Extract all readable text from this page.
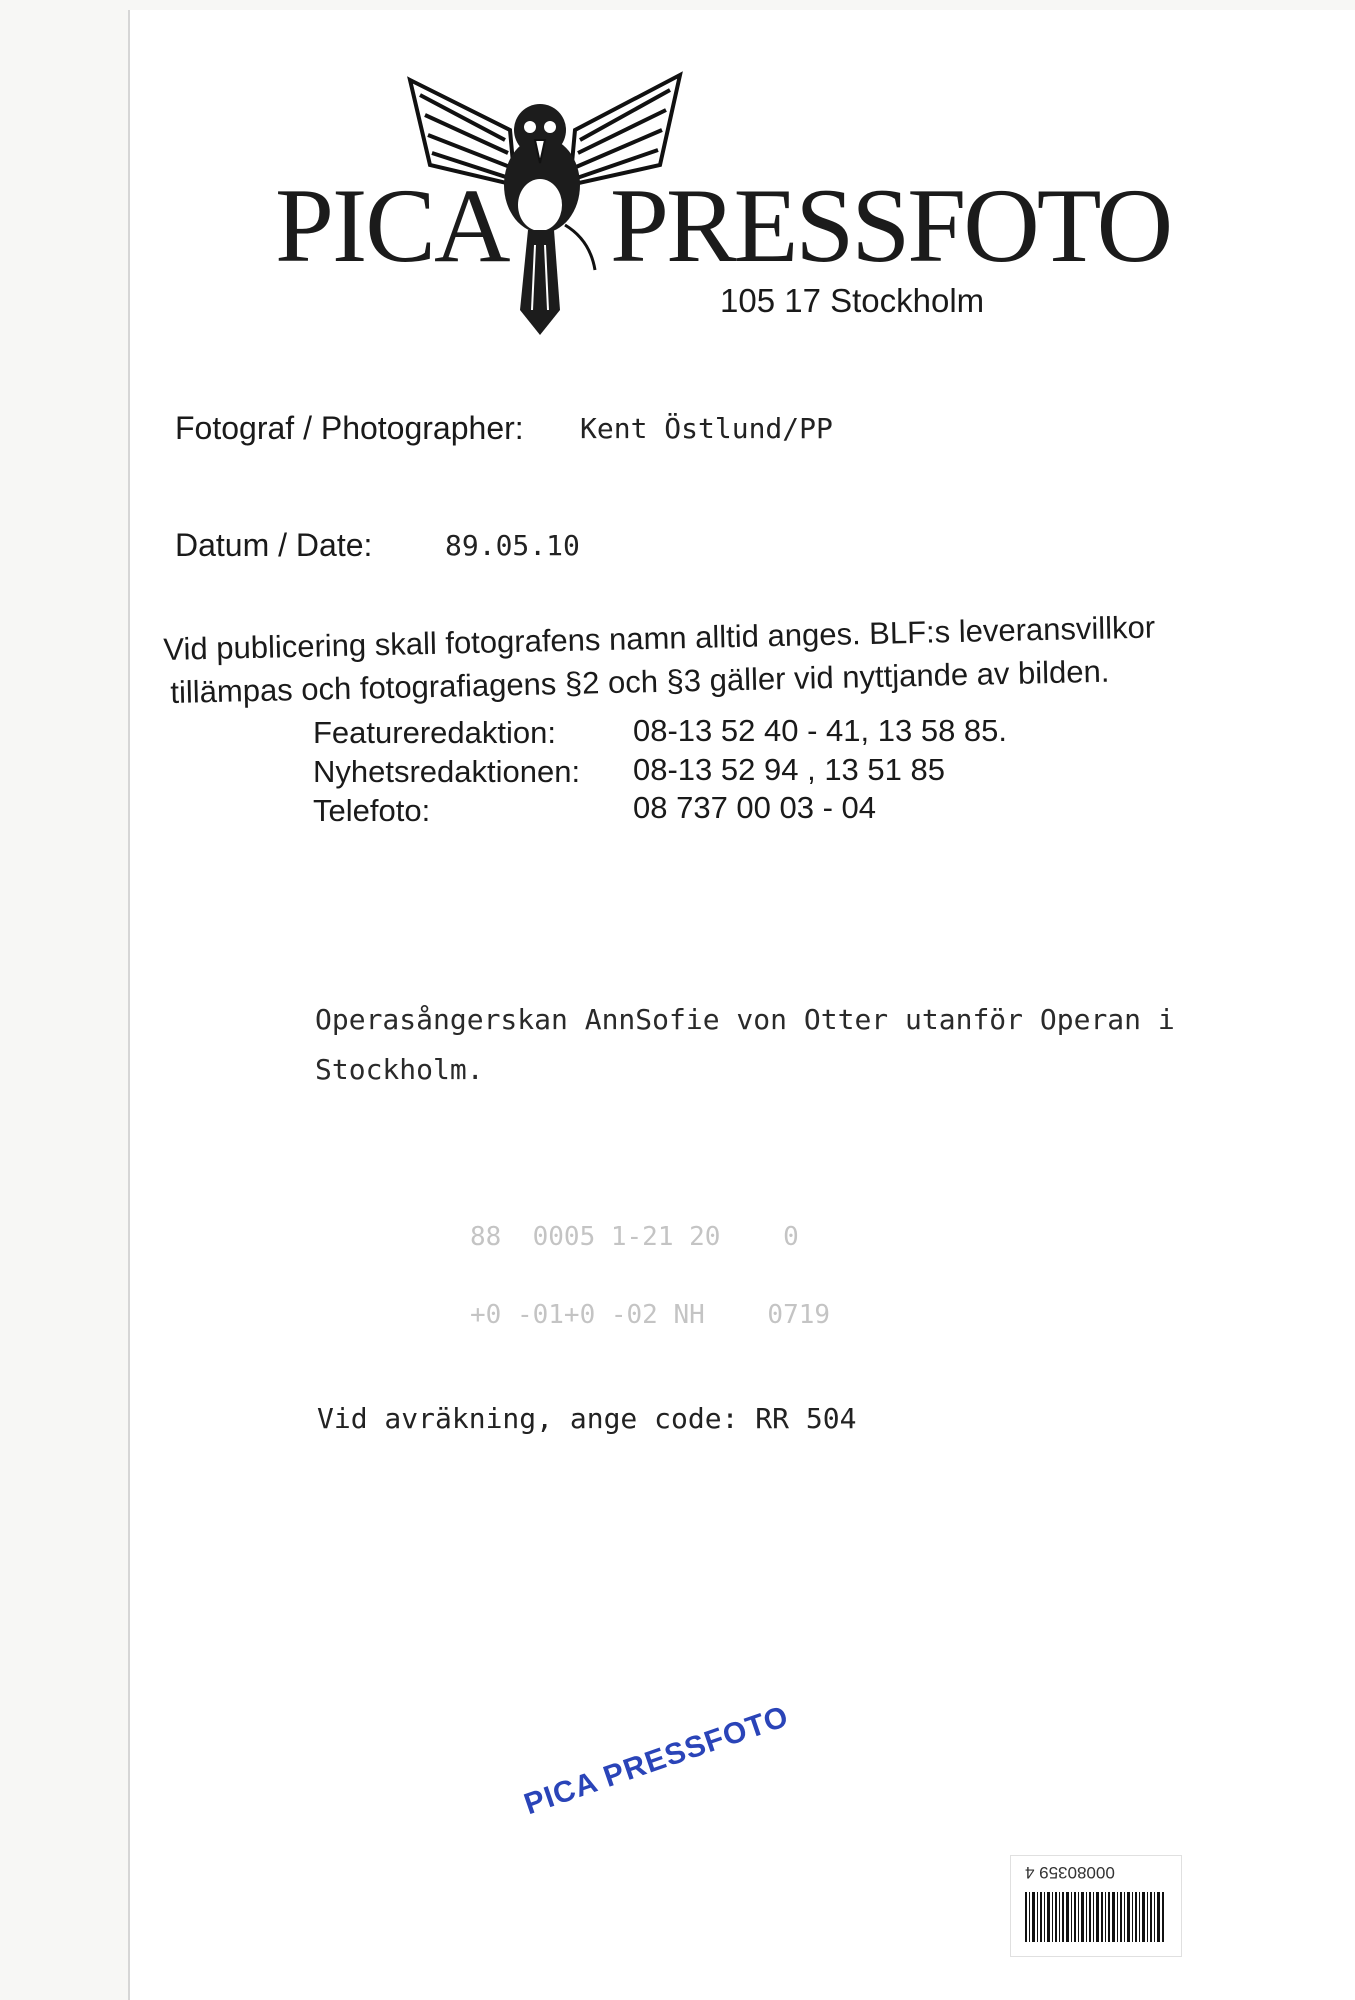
PICA PRESSFOTO
105 17 Stockholm
Fotograf / Photographer: Kent Östlund/PP
Datum / Date:	89.05.10
Vid publicering skall fotografens namn alltid anges. BLF:s leveransvillkor
tillämpas och fotografiagens §2 och §3 gäller vid nyttjande av bilden.
Featureredaktion: 08-13 52 40 - 41, 13 58 85.
Nyhetsredaktionen: 08-13 52 94 , 13 51 85
Telefoto:	08 737 00 03 - 04
Operasångerskan AnnSofie von Otter utanför Operan i
Stockholm.
88  0005 1-21 20    0
+0 -01+0 -02 NH    0719
Vid avräkning, ange code: RR 504
PICA PRESSFOTO
00080359 4
